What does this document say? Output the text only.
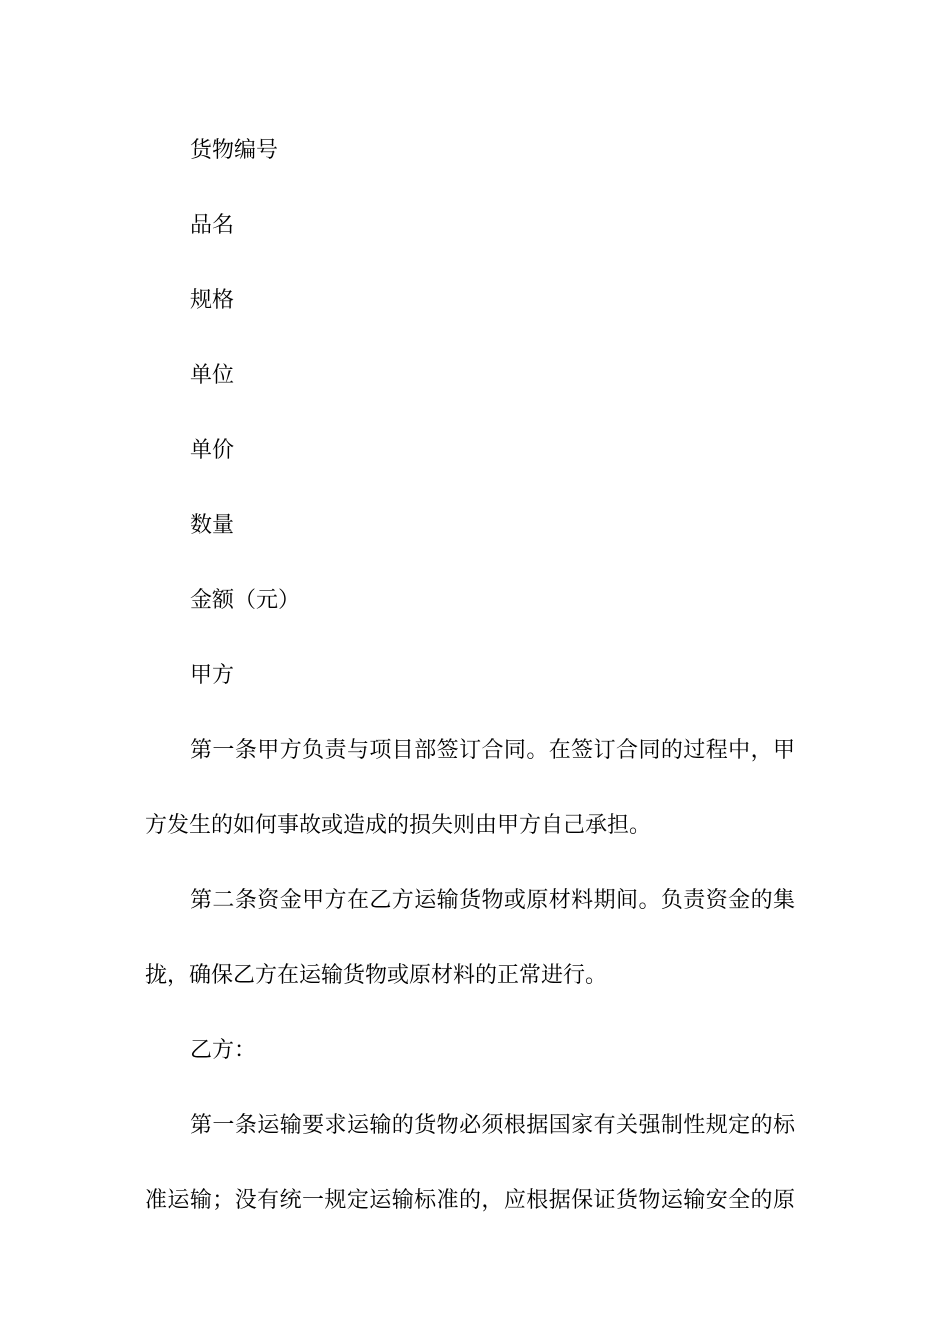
货物编号
品名
规格
单位
单价
数量
金额（元）
甲方
第一条甲方负责与项目部签订合同。在签订合同的过程中，甲
方发生的如何事故或造成的损失则由甲方自己承担。
第二条资金甲方在乙方运输货物或原材料期间。负责资金的集
拢，确保乙方在运输货物或原材料的正常进行。
乙方：
第一条运输要求运输的货物必须根据国家有关强制性规定的标
准运输；没有统一规定运输标准的，应根据保证货物运输安全的原
